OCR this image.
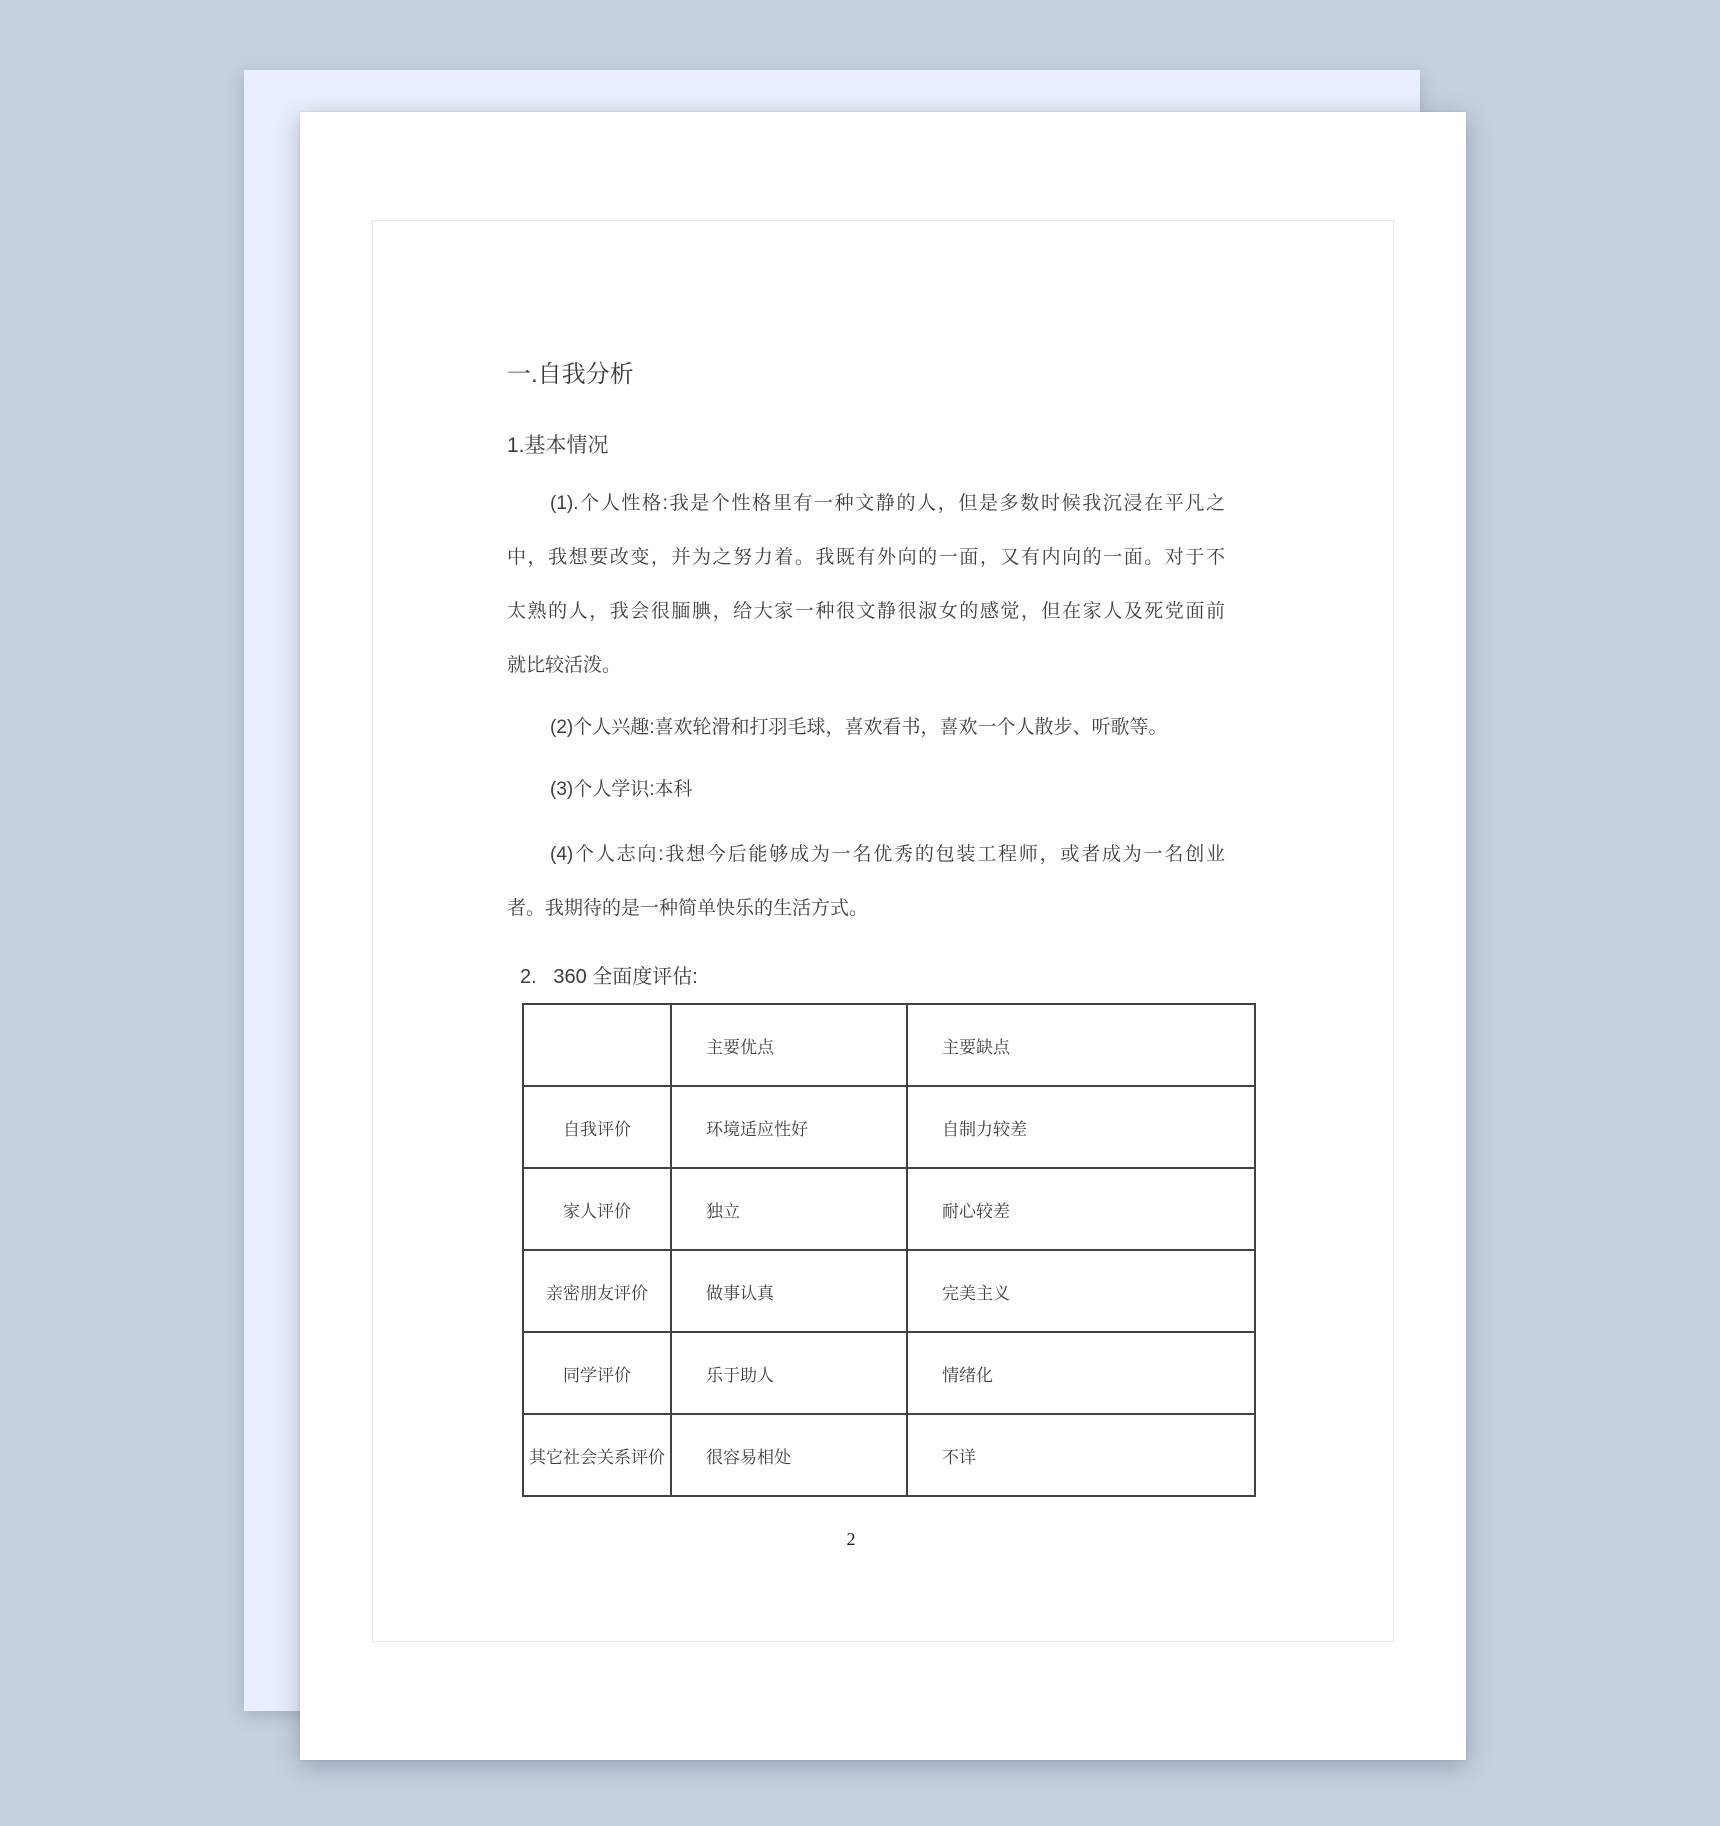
一.自我分析
1.基本情况
(1).个人性格:我是个性格里有一种文静的人，但是多数时候我沉浸在平凡之
中，我想要改变，并为之努力着。我既有外向的一面，又有内向的一面。对于不
太熟的人，我会很腼腆，给大家一种很文静很淑女的感觉，但在家人及死党面前
就比较活泼。
(2)个人兴趣:喜欢轮滑和打羽毛球，喜欢看书，喜欢一个人散步、听歌等。
(3)个人学识:本科
(4)个人志向:我想今后能够成为一名优秀的包装工程师，或者成为一名创业
者。我期待的是一种简单快乐的生活方式。
2.   360 全面度评估:
	主要优点	主要缺点
自我评价	环境适应性好	自制力较差
家人评价	独立	耐心较差
亲密朋友评价	做事认真	完美主义
同学评价	乐于助人	情绪化
其它社会关系评价	很容易相处	不详
2
